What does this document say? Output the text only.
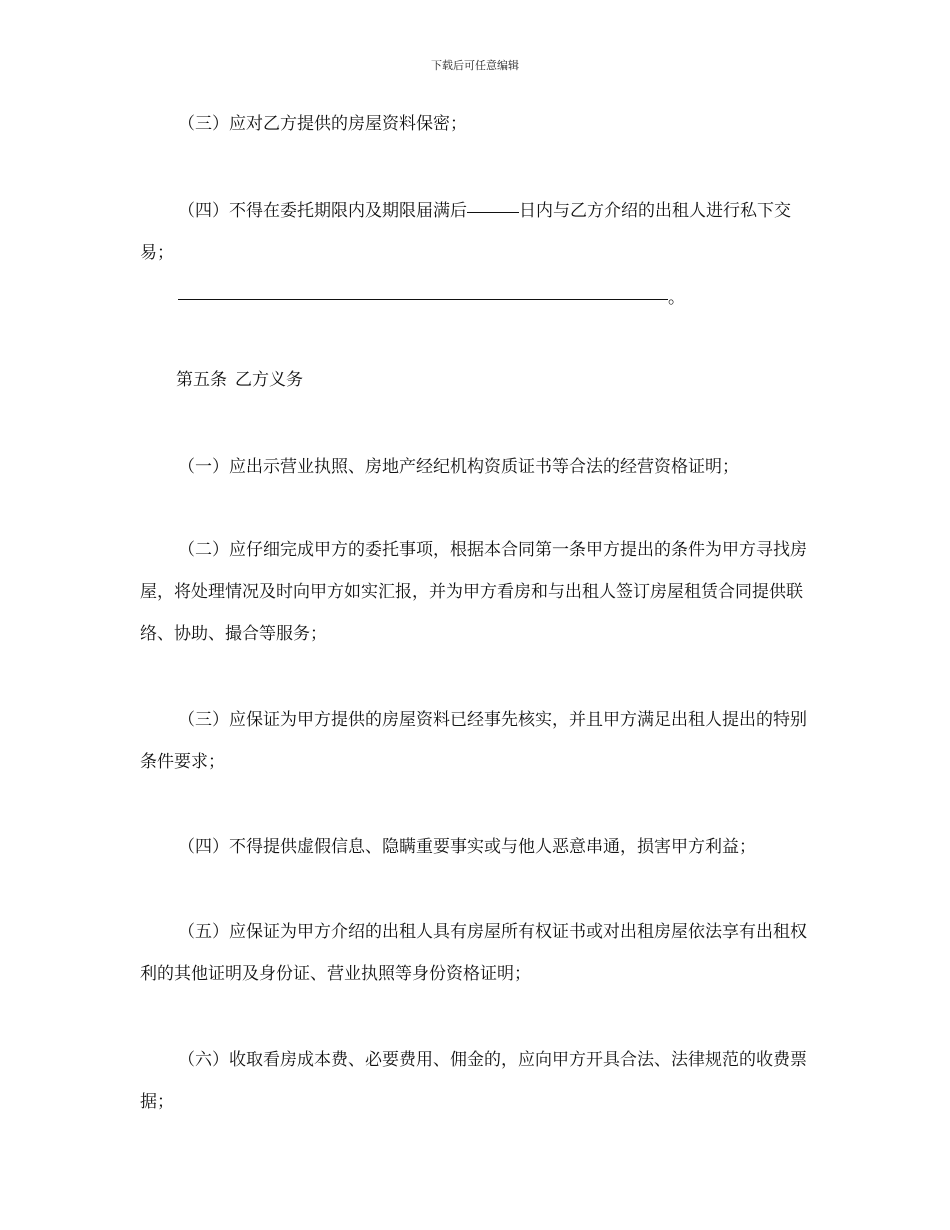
下载后可任意编辑

（三）应对乙方提供的房屋资料保密；

（四）不得在委托期限内及期限届满后	日内与乙方介绍的出租人进行私下交易；

。

第五条 乙方义务

（一）应出示营业执照、房地产经纪机构资质证书等合法的经营资格证明；

（二）应仔细完成甲方的委托事项，根据本合同第一条甲方提出的条件为甲方寻找房屋，将处理情况及时向甲方如实汇报，并为甲方看房和与出租人签订房屋租赁合同提供联络、协助、撮合等服务；

（三）应保证为甲方提供的房屋资料已经事先核实，并且甲方满足出租人提出的特别条件要求；

（四）不得提供虚假信息、隐瞒重要事实或与他人恶意串通，损害甲方利益；

（五）应保证为甲方介绍的出租人具有房屋所有权证书或对出租房屋依法享有出租权利的其他证明及身份证、营业执照等身份资格证明；

（六）收取看房成本费、必要费用、佣金的，应向甲方开具合法、法律规范的收费票据；
